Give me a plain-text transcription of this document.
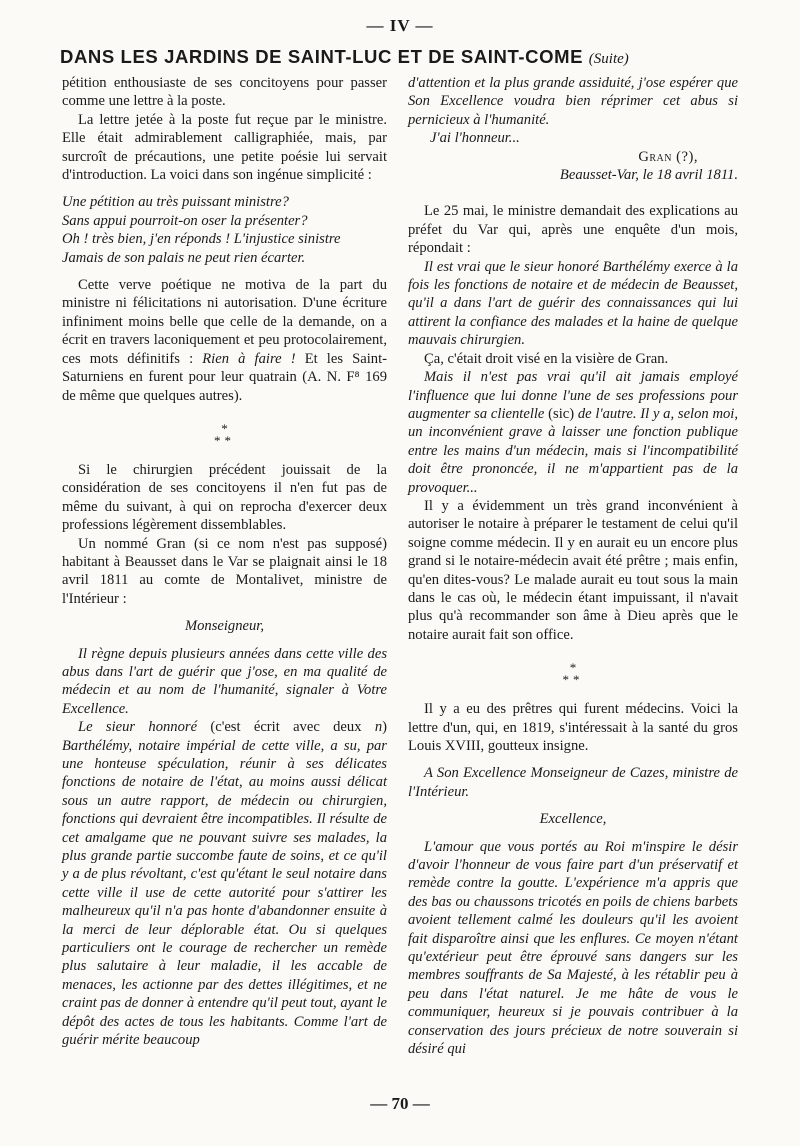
— IV —
DANS LES JARDINS DE SAINT-LUC ET DE SAINT-COME (Suite)

pétition enthousiaste de ses concitoyens pour passer comme une lettre à la poste.

La lettre jetée à la poste fut reçue par le ministre. Elle était admirablement calligraphiée, mais, par surcroît de précautions, une petite poésie lui servait d'introduction. La voici dans son ingénue simplicité :

Une pétition au très puissant ministre?

Sans appui pourroit-on oser la présenter?

Oh ! très bien, j'en réponds ! L'injustice sinistre

Jamais de son palais ne peut rien écarter.

Cette verve poétique ne motiva de la part du ministre ni félicitations ni autorisation. D'une écriture infiniment moins belle que celle de la demande, on a écrit en travers laconiquement et peu protocolairement, ces mots définitifs : Rien à faire ! Et les Saint-Saturniens en furent pour leur quatrain (A. N. F⁸ 169 de même que quelques autres).

*
**

Si le chirurgien précédent jouissait de la considération de ses concitoyens il n'en fut pas de même du suivant, à qui on reprocha d'exercer deux professions légèrement dissemblables.

Un nommé Gran (si ce nom n'est pas supposé) habitant à Beausset dans le Var se plaignait ainsi le 18 avril 1811 au comte de Montalivet, ministre de l'Intérieur :

Monseigneur,

Il règne depuis plusieurs années dans cette ville des abus dans l'art de guérir que j'ose, en ma qualité de médecin et au nom de l'humanité, signaler à Votre Excellence.

Le sieur honnoré (c'est écrit avec deux n) Barthélémy, notaire impérial de cette ville, a su, par une honteuse spéculation, réunir à ses délicates fonctions de notaire de l'état, au moins aussi délicat sous un autre rapport, de médecin ou chirurgien, fonctions qui devraient être incompatibles. Il résulte de cet amalgame que ne pouvant suivre ses malades, la plus grande partie succombe faute de soins, et ce qu'il y a de plus révoltant, c'est qu'étant le seul notaire dans cette ville il use de cette autorité pour s'attirer les malheureux qu'il n'a pas honte d'abandonner ensuite à la merci de leur déplorable état. Ou si quelques particuliers ont le courage de rechercher un remède plus salutaire à leur maladie, il les accable de menaces, les actionne par des dettes illégitimes, et ne craint pas de donner à entendre qu'il peut tout, ayant le dépôt des actes de tous les habitants. Comme l'art de guérir mérite beaucoup

d'attention et la plus grande assiduité, j'ose espérer que Son Excellence voudra bien réprimer cet abus si pernicieux à l'humanité.

J'ai l'honneur...

Gran (?),

Beausset-Var, le 18 avril 1811.

Le 25 mai, le ministre demandait des explications au préfet du Var qui, après une enquête d'un mois, répondait :

Il est vrai que le sieur honoré Barthélémy exerce à la fois les fonctions de notaire et de médecin de Beausset, qu'il a dans l'art de guérir des connaissances qui lui attirent la confiance des malades et la haine de quelque mauvais chirurgien.

Ça, c'était droit visé en la visière de Gran.

Mais il n'est pas vrai qu'il ait jamais employé l'influence que lui donne l'une de ses professions pour augmenter sa clientelle (sic) de l'autre. Il y a, selon moi, un inconvénient grave à laisser une fonction publique entre les mains d'un médecin, mais si l'incompatibilité doit être prononcée, il ne m'appartient pas de la provoquer...

Il y a évidemment un très grand inconvénient à autoriser le notaire à préparer le testament de celui qu'il soigne comme médecin. Il y en aurait eu un encore plus grand si le notaire-médecin avait été prêtre ; mais enfin, qu'en dites-vous? Le malade aurait eu tout sous la main dans le cas où, le médecin étant impuissant, il n'avait plus qu'à recommander son âme à Dieu après que le notaire aurait fait son office.

*
**

Il y a eu des prêtres qui furent médecins. Voici la lettre d'un, qui, en 1819, s'intéressait à la santé du gros Louis XVIII, goutteux insigne.

A Son Excellence Monseigneur de Cazes, ministre de l'Intérieur.

Excellence,

L'amour que vous portés au Roi m'inspire le désir d'avoir l'honneur de vous faire part d'un préservatif et remède contre la goutte. L'expérience m'a appris que des bas ou chaussons tricotés en poils de chiens barbets avoient tellement calmé les douleurs qu'il les avoient fait disparoître ainsi que les enflures. Ce moyen n'étant qu'extérieur peut être éprouvé sans dangers sur les membres souffrants de Sa Majesté, à les rétablir peu à peu dans l'état naturel. Je me hâte de vous le communiquer, heureux si je pouvais contribuer à la conservation des jours précieux de notre souverain si désiré qui

— 70 —
